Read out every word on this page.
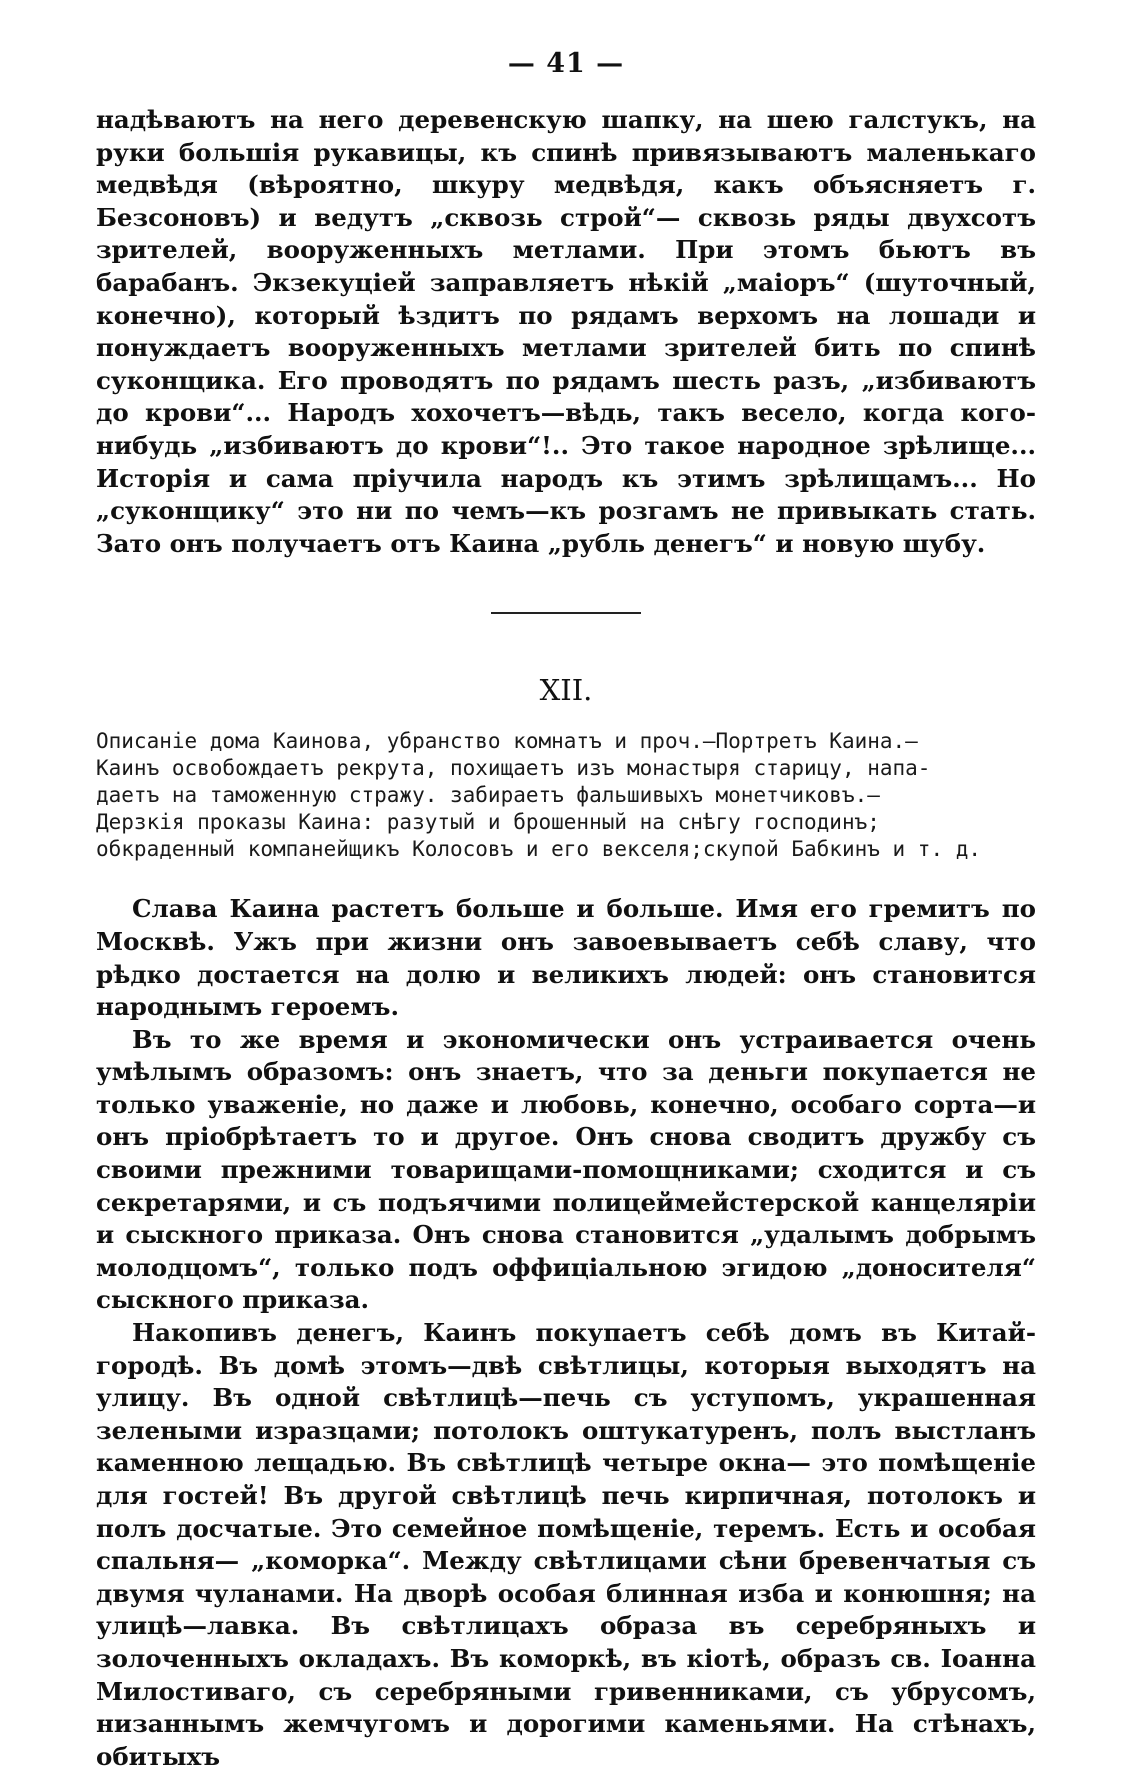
— 41 —

надѣваютъ на него деревенскую шапку, на шею галстукъ, на руки большія рукавицы, къ спинѣ привязываютъ маленькаго медвѣдя (вѣроятно, шкуру медвѣдя, какъ объясняетъ г. Безсоновъ) и ведутъ „сквозь строй“— сквозь ряды двухсотъ зрителей, вооруженныхъ метлами. При этомъ бьютъ въ барабанъ. Экзекуціей заправляетъ нѣкій „маіоръ“ (шуточный, конечно), который ѣздитъ по рядамъ верхомъ на лошади и понуждаетъ вооруженныхъ метлами зрителей бить по спинѣ суконщика. Его проводятъ по рядамъ шесть разъ, „избиваютъ до крови“... Народъ хохочетъ—вѣдь, такъ весело, когда кого-нибудь „избиваютъ до крови“!.. Это такое народное зрѣлище... Исторія и сама пріучила народъ къ этимъ зрѣлищамъ... Но „суконщику“ это ни по чемъ—къ розгамъ не привыкать стать. Зато онъ получаетъ отъ Каина „рубль денегъ“ и новую шубу.

XII.
Описаніе дома Каинова, убранство комнатъ и проч.—Портретъ Каина.—
Каинъ освобождаетъ рекрута, похищаетъ изъ монастыря старицу, напа-
даетъ на таможенную стражу. забираетъ фальшивыхъ монетчиковъ.—
Дерзкія проказы Каина: разутый и брошенный на снѣгу господинъ;
обкраденный компанейщикъ Колосовъ и его векселя;скупой Бабкинъ и т. д.

Слава Каина растетъ больше и больше. Имя его гремитъ по Москвѣ. Ужъ при жизни онъ завоевываетъ себѣ славу, что рѣдко достается на долю и великихъ людей: онъ становится народнымъ героемъ.

Въ то же время и экономически онъ устраивается очень умѣлымъ образомъ: онъ знаетъ, что за деньги покупается не только уваженіе, но даже и любовь, конечно, особаго сорта—и онъ пріобрѣтаетъ то и другое. Онъ снова сводитъ дружбу съ своими прежними товарищами-помощниками; сходится и съ секретарями, и съ подъячими полицеймейстерской канцеляріи и сыскного приказа. Онъ снова становится „удалымъ добрымъ молодцомъ“, только подъ оффиціальною эгидою „доносителя“ сыскного приказа.

Накопивъ денегъ, Каинъ покупаетъ себѣ домъ въ Китай-городѣ. Въ домѣ этомъ—двѣ свѣтлицы, которыя выходятъ на улицу. Въ одной свѣтлицѣ—печь съ уступомъ, украшенная зелеными изразцами; потолокъ оштукатуренъ, полъ выстланъ каменною лещадью. Въ свѣтлицѣ четыре окна— это помѣщеніе для гостей! Въ другой свѣтлицѣ печь кирпичная, потолокъ и полъ досчатые. Это семейное помѣщеніе, теремъ. Есть и особая спальня— „коморка“. Между свѣтлицами сѣни бревенчатыя съ двумя чуланами. На дворѣ особая блинная изба и конюшня; на улицѣ—лавка. Въ свѣтлицахъ образа въ серебряныхъ и золоченныхъ окладахъ. Въ коморкѣ, въ кіотѣ, образъ св. Іоанна Милостиваго, съ серебряными гривенниками, съ убрусомъ, низаннымъ жемчугомъ и дорогими каменьями. На стѣнахъ, обитыхъ
